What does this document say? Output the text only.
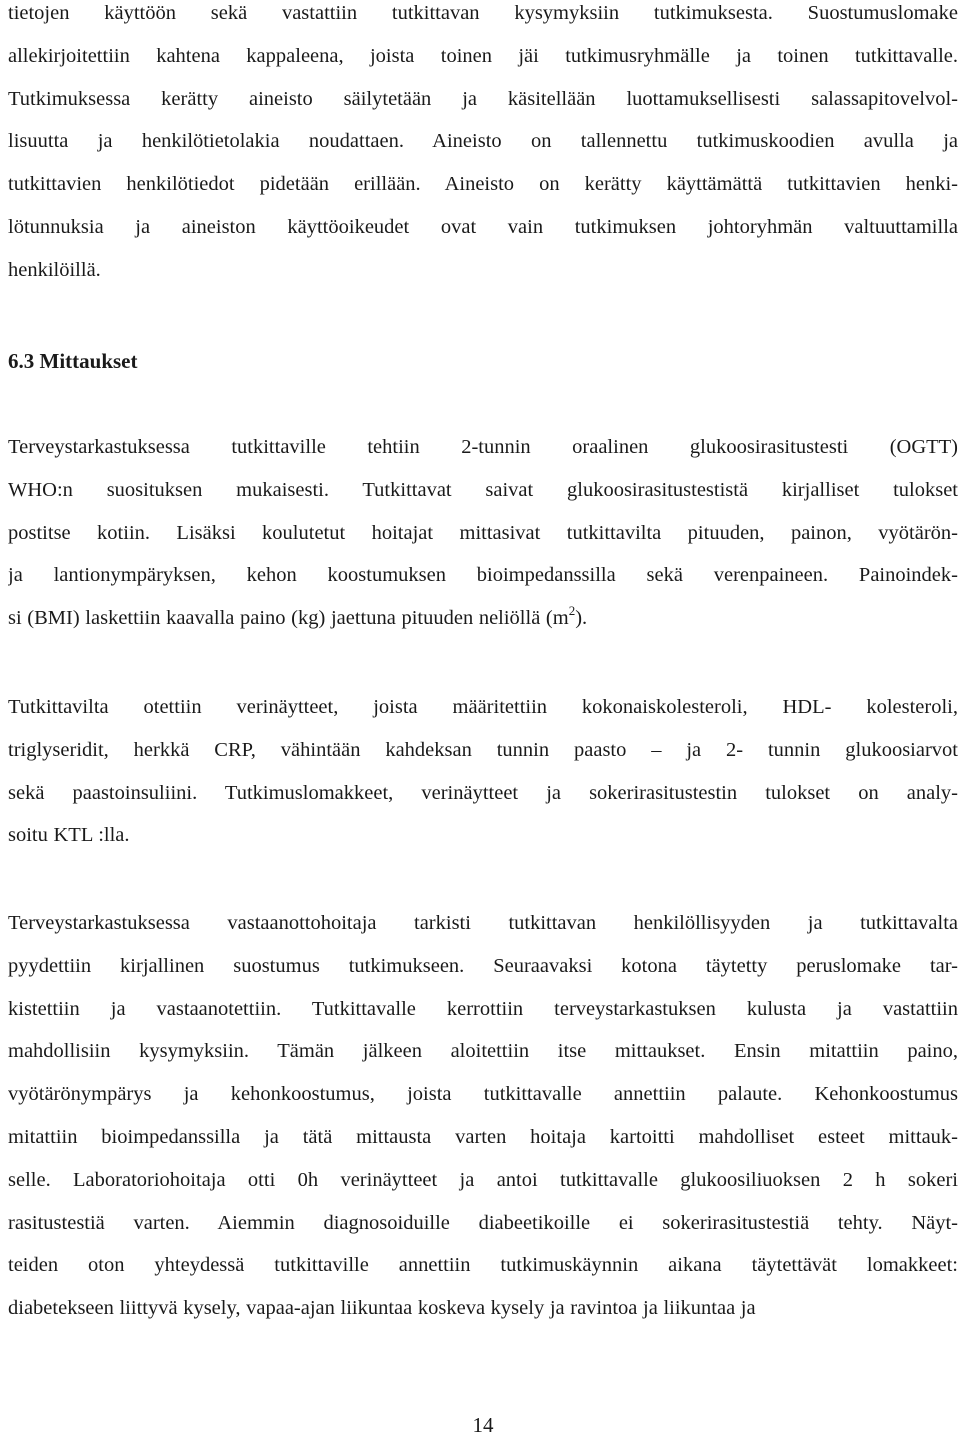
tietojen käyttöön sekä vastattiin tutkittavan kysymyksiin tutkimuksesta. Suostumuslomake
allekirjoitettiin kahtena kappaleena, joista toinen jäi tutkimusryhmälle ja toinen tutkittavalle.
Tutkimuksessa kerätty aineisto säilytetään ja käsitellään luottamuksellisesti salassapitovelvol-
lisuutta ja henkilötietolakia noudattaen. Aineisto on tallennettu tutkimuskoodien avulla ja
tutkittavien henkilötiedot pidetään erillään. Aineisto on kerätty käyttämättä tutkittavien henki-
lötunnuksia ja aineiston käyttöoikeudet ovat vain tutkimuksen johtoryhmän valtuuttamilla
henkilöillä.
6.3 Mittaukset
Terveystarkastuksessa tutkittaville tehtiin 2-tunnin oraalinen glukoosirasitustesti (OGTT)
WHO:n suosituksen mukaisesti. Tutkittavat saivat glukoosirasitustestistä kirjalliset tulokset
postitse kotiin. Lisäksi koulutetut hoitajat mittasivat tutkittavilta pituuden, painon, vyötärön-
ja lantionympäryksen, kehon koostumuksen bioimpedanssilla sekä verenpaineen. Painoindek-
si (BMI) laskettiin kaavalla paino (kg) jaettuna pituuden neliöllä $(m^2)$.
Tutkittavilta otettiin verinäytteet, joista määritettiin kokonaiskolesteroli, HDL- kolesteroli,
triglyseridit, herkkä CRP, vähintään kahdeksan tunnin paasto – ja 2- tunnin glukoosiarvot
sekä paastoinsuliini. Tutkimuslomakkeet, verinäytteet ja sokerirasitustestin tulokset on analy-
soitu KTL :lla.
Terveystarkastuksessa vastaanottohoitaja tarkisti tutkittavan henkilöllisyyden ja tutkittavalta
pyydettiin kirjallinen suostumus tutkimukseen. Seuraavaksi kotona täytetty peruslomake tar-
kistettiin ja vastaanotettiin. Tutkittavalle kerrottiin terveystarkastuksen kulusta ja vastattiin
mahdollisiin kysymyksiin. Tämän jälkeen aloitettiin itse mittaukset. Ensin mitattiin paino,
vyötärönympärys ja kehonkoostumus, joista tutkittavalle annettiin palaute. Kehonkoostumus
mitattiin bioimpedanssilla ja tätä mittausta varten hoitaja kartoitti mahdolliset esteet mittauk-
selle. Laboratoriohoitaja otti 0h verinäytteet ja antoi tutkittavalle glukoosiliuoksen 2 h sokeri
rasitustestiä varten. Aiemmin diagnosoiduille diabeetikoille ei sokerirasitustestiä tehty. Näyt-
teiden oton yhteydessä tutkittaville annettiin tutkimuskäynnin aikana täytettävät lomakkeet:
diabetekseen liittyvä kysely, vapaa-ajan liikuntaa koskeva kysely ja ravintoa ja liikuntaa ja
14
